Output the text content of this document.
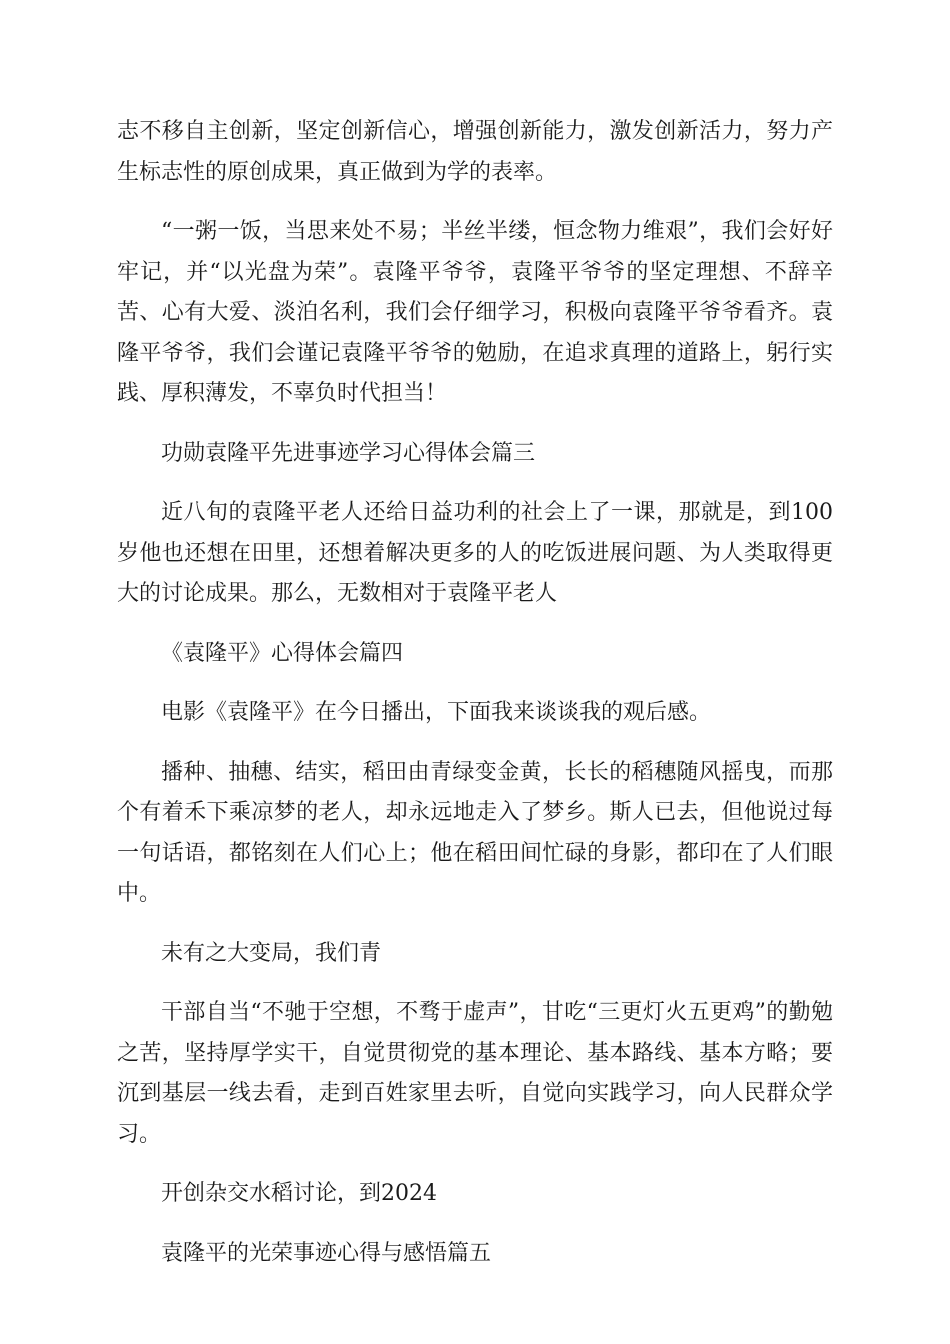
志不移自主创新，坚定创新信心，增强创新能力，激发创新活力，努力产生标志性的原创成果，真正做到为学的表率。

“一粥一饭，当思来处不易；半丝半缕，恒念物力维艰”，我们会好好牢记，并“以光盘为荣”。袁隆平爷爷，袁隆平爷爷的坚定理想、不辞辛苦、心有大爱、淡泊名利，我们会仔细学习，积极向袁隆平爷爷看齐。袁隆平爷爷，我们会谨记袁隆平爷爷的勉励，在追求真理的道路上，躬行实践、厚积薄发，不辜负时代担当！

功勋袁隆平先进事迹学习心得体会篇三

近八旬的袁隆平老人还给日益功利的社会上了一课，那就是，到100岁他也还想在田里，还想着解决更多的人的吃饭进展问题、为人类取得更大的讨论成果。那么，无数相对于袁隆平老人

《袁隆平》心得体会篇四

电影《袁隆平》在今日播出，下面我来谈谈我的观后感。

播种、抽穗、结实，稻田由青绿变金黄，长长的稻穗随风摇曳，而那个有着禾下乘凉梦的老人，却永远地走入了梦乡。斯人已去，但他说过每一句话语，都铭刻在人们心上；他在稻田间忙碌的身影，都印在了人们眼中。

未有之大变局，我们青

干部自当“不驰于空想，不骛于虚声”，甘吃“三更灯火五更鸡”的勤勉之苦，坚持厚学实干，自觉贯彻党的基本理论、基本路线、基本方略；要沉到基层一线去看，走到百姓家里去听，自觉向实践学习，向人民群众学习。

开创杂交水稻讨论，到2024

袁隆平的光荣事迹心得与感悟篇五
